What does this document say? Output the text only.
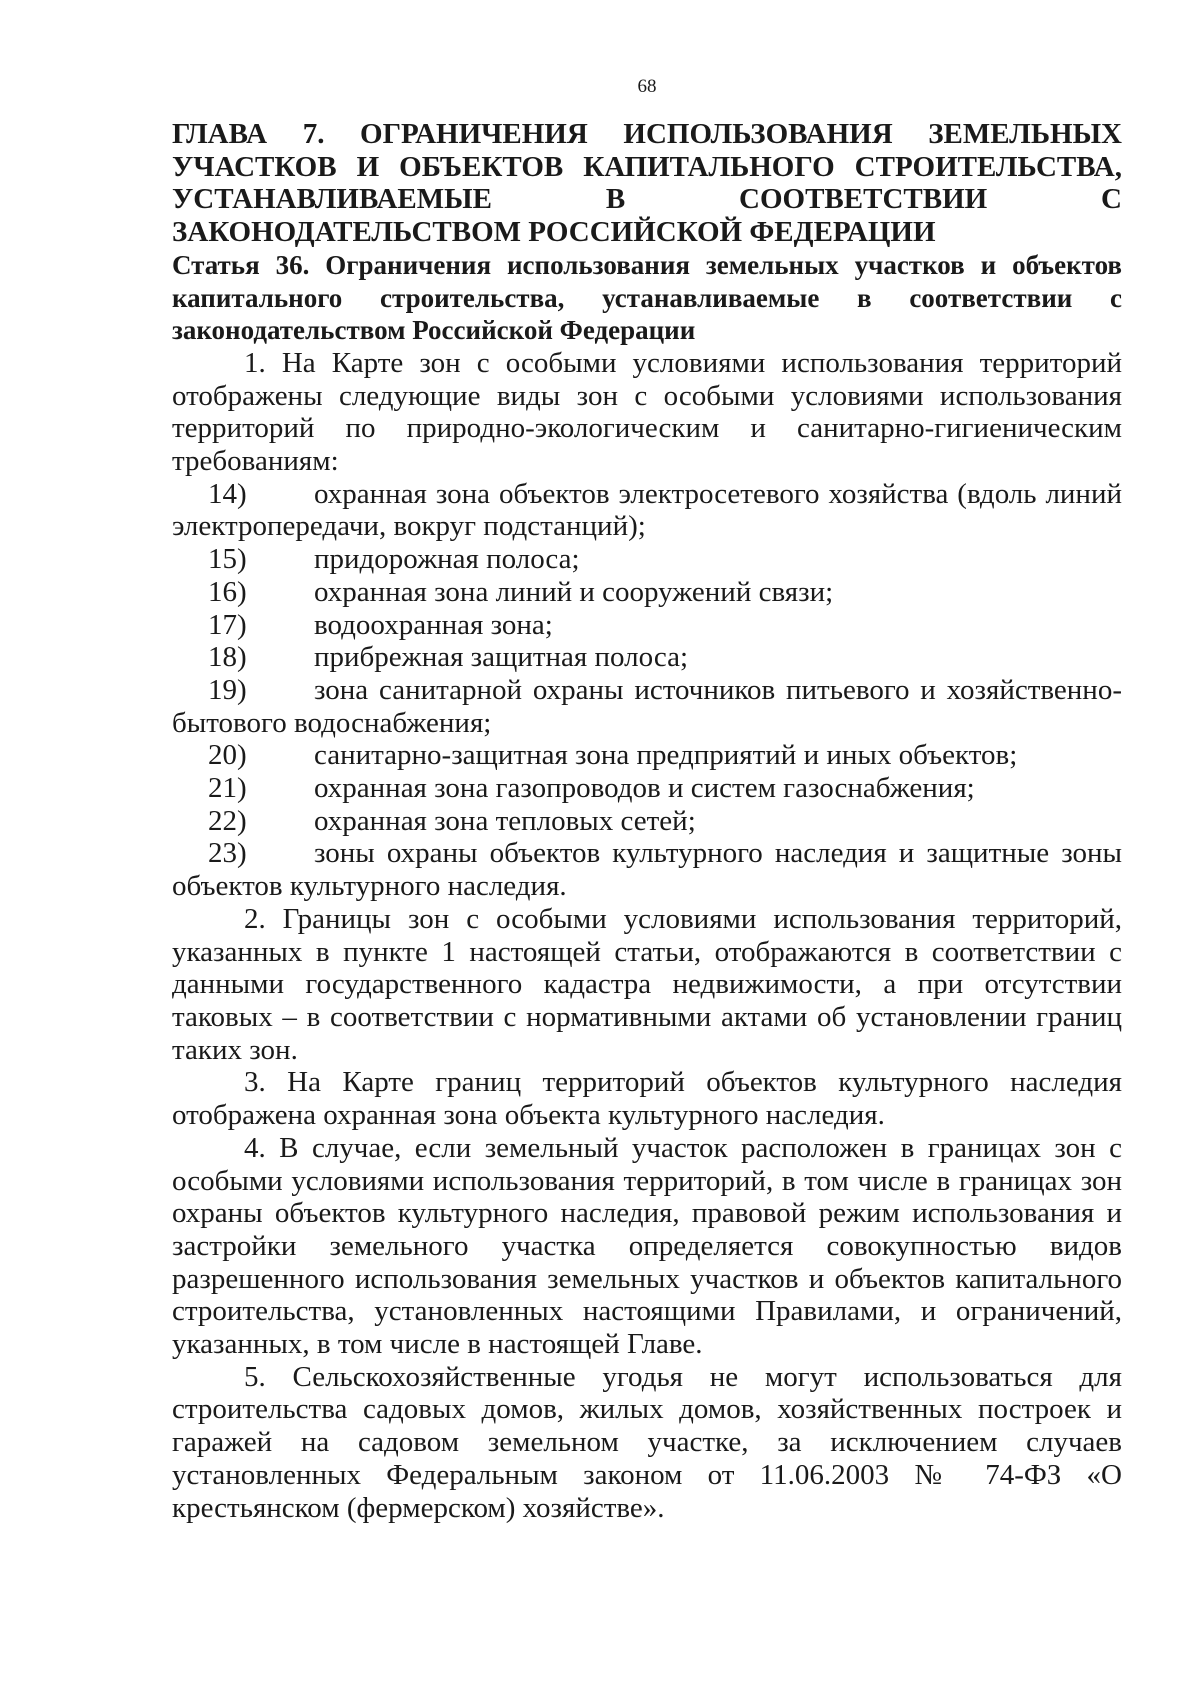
68
ГЛАВА 7. ОГРАНИЧЕНИЯ ИСПОЛЬЗОВАНИЯ ЗЕМЕЛЬНЫХ УЧАСТКОВ И ОБЪЕКТОВ КАПИТАЛЬНОГО СТРОИТЕЛЬСТВА, УСТАНАВЛИВАЕМЫЕ В СООТВЕТСТВИИ С ЗАКОНОДАТЕЛЬСТВОМ РОССИЙСКОЙ ФЕДЕРАЦИИ
Статья 36. Ограничения использования земельных участков и объектов капитального строительства, устанавливаемые в соответствии с законодательством Российской Федерации

1. На Карте зон с особыми условиями использования территорий отображены следующие виды зон с особыми условиями использования территорий по природно-экологическим и санитарно-гигиеническим требованиям:

14) охранная зона объектов электросетевого хозяйства (вдоль линий электропередачи, вокруг подстанций);

15) придорожная полоса;

16) охранная зона линий и сооружений связи;

17) водоохранная зона;

18) прибрежная защитная полоса;

19) зона санитарной охраны источников питьевого и хозяйственно-бытового водоснабжения;

20) санитарно-защитная зона предприятий и иных объектов;

21) охранная зона газопроводов и систем газоснабжения;

22) охранная зона тепловых сетей;

23) зоны охраны объектов культурного наследия и защитные зоны объектов культурного наследия.

2. Границы зон с особыми условиями использования территорий, указанных в пункте 1 настоящей статьи, отображаются в соответствии с данными государственного кадастра недвижимости, а при отсутствии таковых – в соответствии с нормативными актами об установлении границ таких зон.

3. На Карте границ территорий объектов культурного наследия отображена охранная зона объекта культурного наследия.

4. В случае, если земельный участок расположен в границах зон с особыми условиями использования территорий, в том числе в границах зон охраны объектов культурного наследия, правовой режим использования и застройки земельного участка определяется совокупностью видов разрешенного использования земельных участков и объектов капитального строительства, установленных настоящими Правилами, и ограничений, указанных, в том числе в настоящей Главе.

5. Сельскохозяйственные угодья не могут использоваться для строительства садовых домов, жилых домов, хозяйственных построек и гаражей на садовом земельном участке, за исключением случаев установленных Федеральным законом от 11.06.2003 № 74-ФЗ «О крестьянском (фермерском) хозяйстве».
